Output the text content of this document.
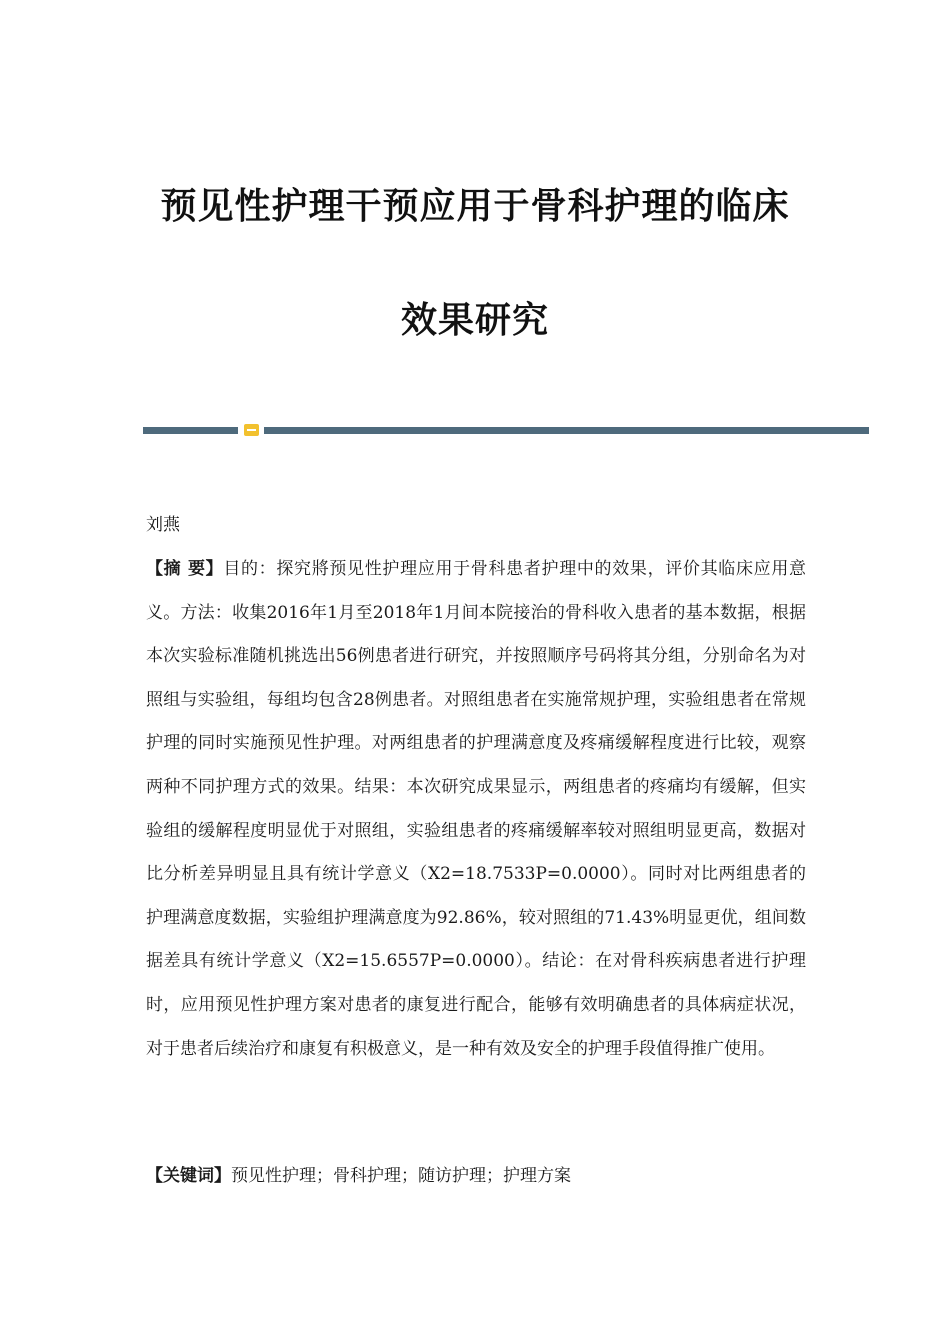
预见性护理干预应用于骨科护理的临床
效果研究

刘燕

【摘 要】目的：探究將预见性护理应用于骨科患者护理中的效果，评价其临床应用意义。方法：收集2016年1月至2018年1月间本院接治的骨科收入患者的基本数据，根据本次实验标准随机挑选出56例患者进行研究，并按照顺序号码将其分组，分别命名为对照组与实验组，每组均包含28例患者。对照组患者在实施常规护理，实验组患者在常规护理的同时实施预见性护理。对两组患者的护理满意度及疼痛缓解程度进行比较，观察两种不同护理方式的效果。结果：本次研究成果显示，两组患者的疼痛均有缓解，但实验组的缓解程度明显优于对照组，实验组患者的疼痛缓解率较对照组明显更高，数据对比分析差异明显且具有统计学意义（X2=18.7533P=0.0000）。同时对比两组患者的护理满意度数据，实验组护理满意度为92.86%，较对照组的71.43%明显更优，组间数据差具有统计学意义（X2=15.6557P=0.0000）。结论：在对骨科疾病患者进行护理时，应用预见性护理方案对患者的康复进行配合，能够有效明确患者的具体病症状况，对于患者后续治疗和康复有积极意义，是一种有效及安全的护理手段值得推广使用。

【关键词】预见性护理；骨科护理；随访护理；护理方案
